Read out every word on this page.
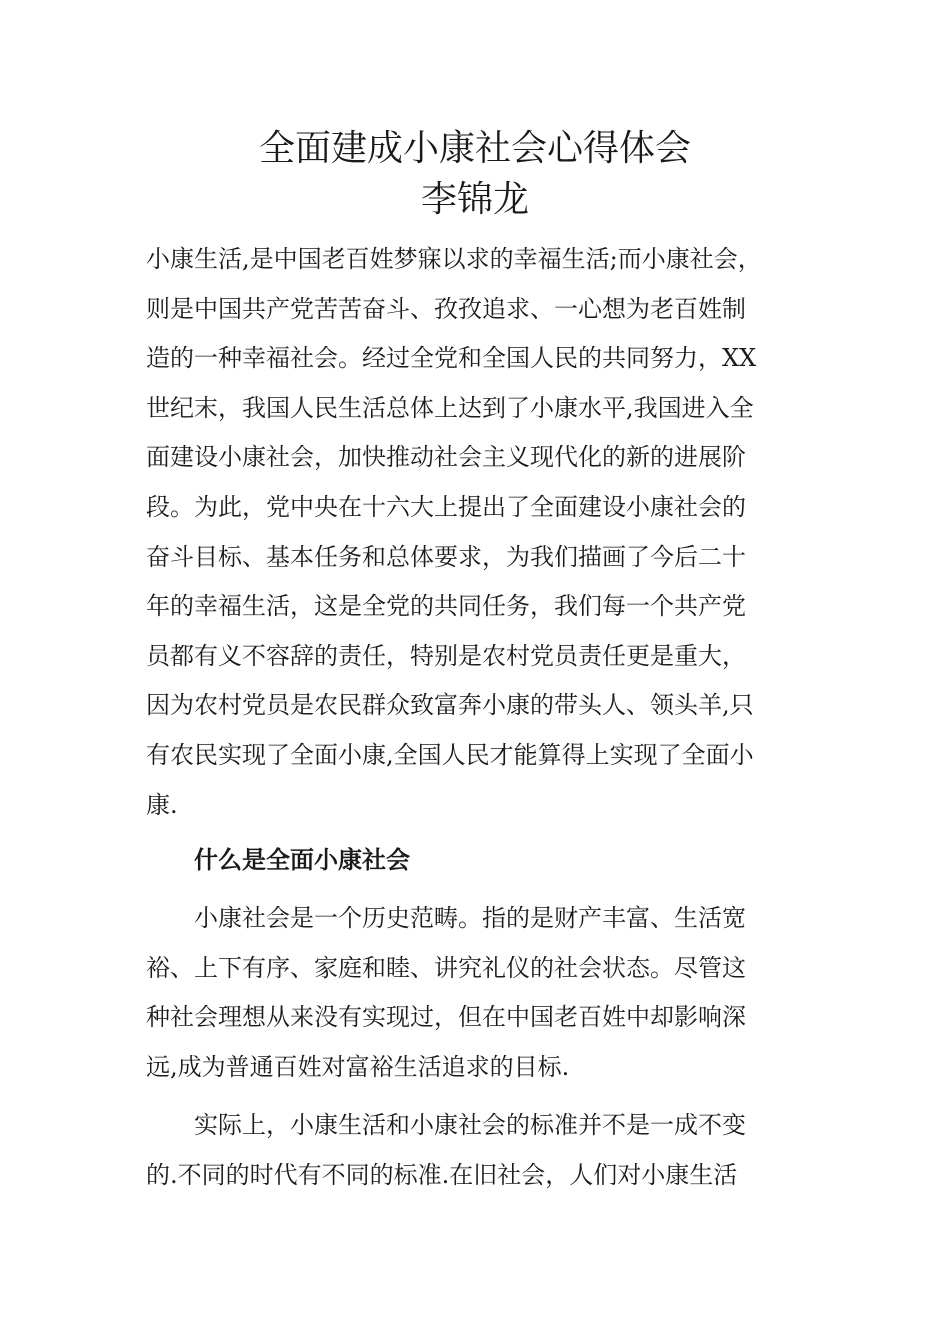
全面建成小康社会心得体会
李锦龙
小康生活,是中国老百姓梦寐以求的幸福生活;而小康社会，
则是中国共产党苦苦奋斗、孜孜追求、一心想为老百姓制
造的一种幸福社会。经过全党和全国人民的共同努力，XX
世纪末，我国人民生活总体上达到了小康水平,我国进入全
面建设小康社会，加快推动社会主义现代化的新的进展阶
段。为此，党中央在十六大上提出了全面建设小康社会的
奋斗目标、基本任务和总体要求，为我们描画了今后二十
年的幸福生活，这是全党的共同任务，我们每一个共产党
员都有义不容辞的责任，特别是农村党员责任更是重大，
因为农村党员是农民群众致富奔小康的带头人、领头羊,只
有农民实现了全面小康,全国人民才能算得上实现了全面小
康.
什么是全面小康社会
小康社会是一个历史范畴。指的是财产丰富、生活宽
裕、上下有序、家庭和睦、讲究礼仪的社会状态。尽管这
种社会理想从来没有实现过，但在中国老百姓中却影响深
远,成为普通百姓对富裕生活追求的目标.
实际上，小康生活和小康社会的标准并不是一成不变
的.不同的时代有不同的标准.在旧社会，人们对小康生活
